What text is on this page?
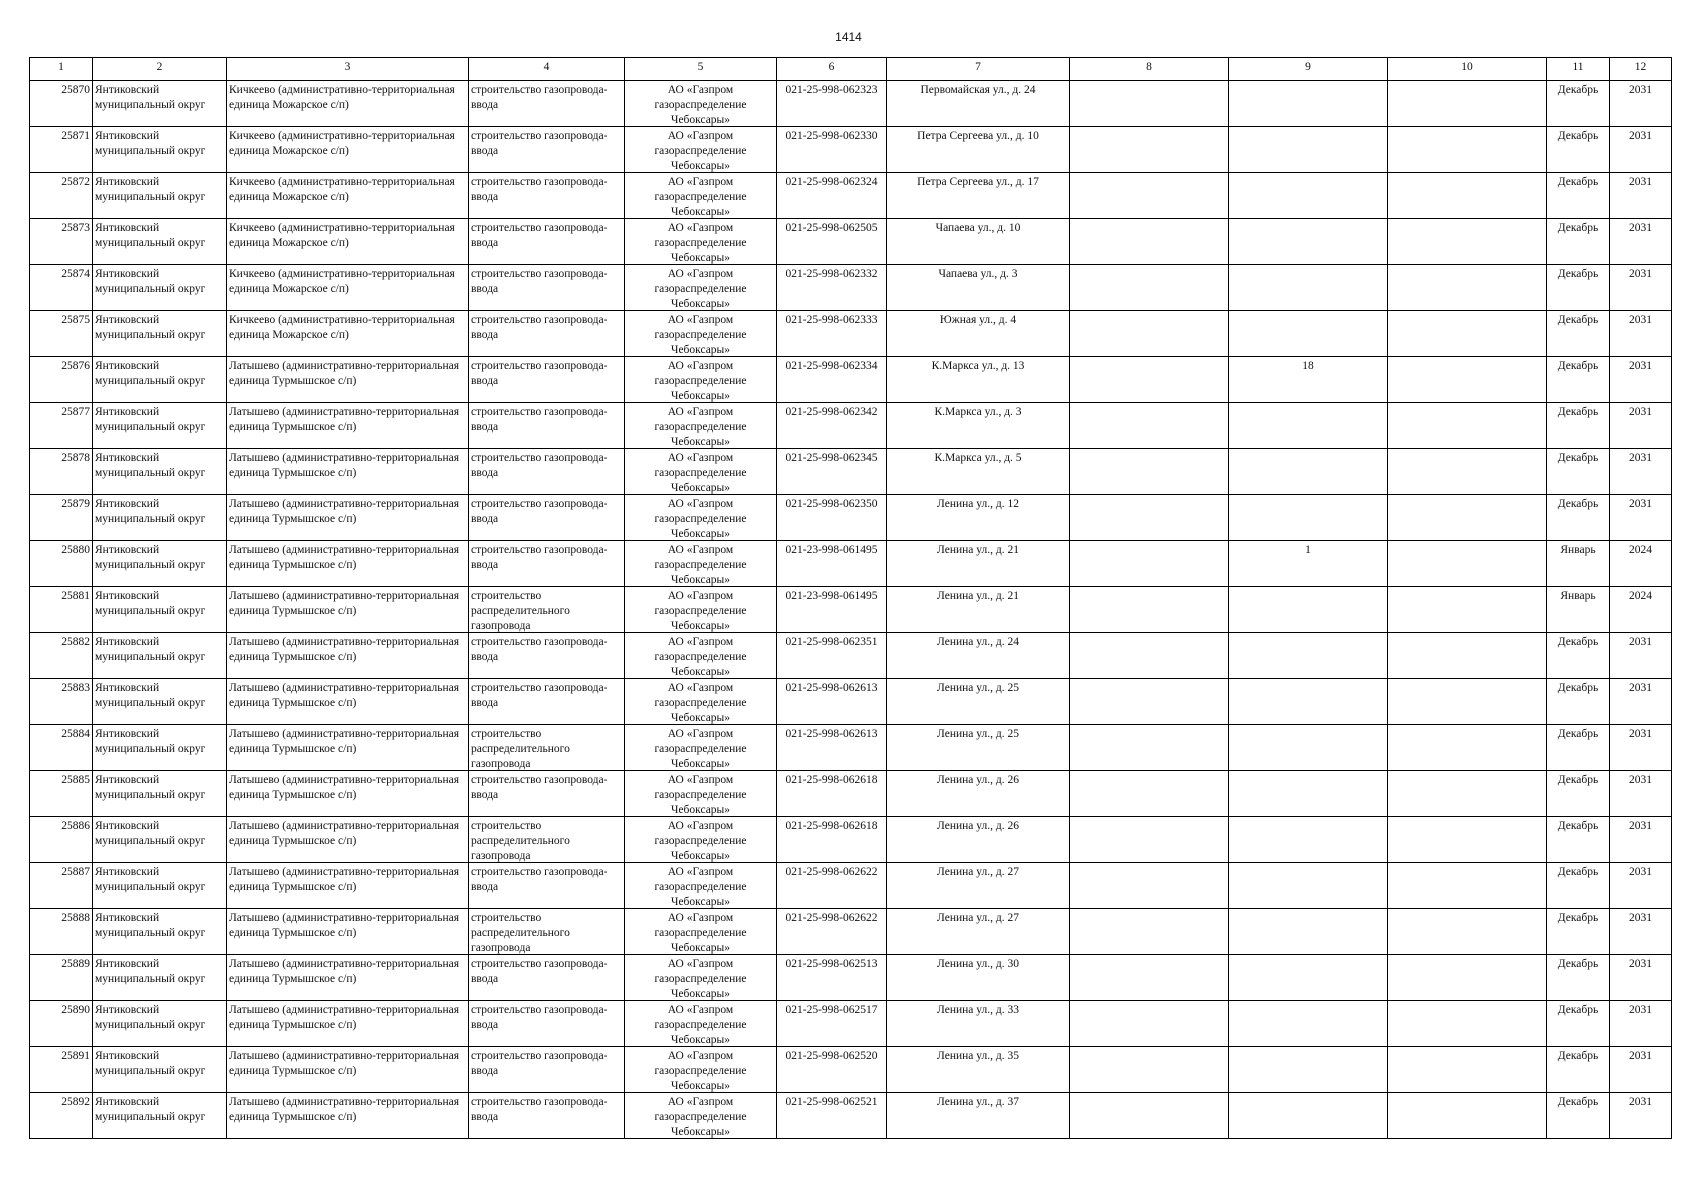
1414
1	2	3	4	5	6	7	8	9	10	11	12

25870	Янтиковский муниципальный округ	Кичкеево (административно-территориальная единица Можарское с/п)	строительство газопровода-ввода	АО «Газпром газораспределение Чебоксары»	021-25-998-062323	Первомайская ул., д. 24				Декабрь	2031

25871	Янтиковский муниципальный округ	Кичкеево (административно-территориальная единица Можарское с/п)	строительство газопровода-ввода	АО «Газпром газораспределение Чебоксары»	021-25-998-062330	Петра Сергеева ул., д. 10				Декабрь	2031

25872	Янтиковский муниципальный округ	Кичкеево (административно-территориальная единица Можарское с/п)	строительство газопровода-ввода	АО «Газпром газораспределение Чебоксары»	021-25-998-062324	Петра Сергеева ул., д. 17				Декабрь	2031

25873	Янтиковский муниципальный округ	Кичкеево (административно-территориальная единица Можарское с/п)	строительство газопровода-ввода	АО «Газпром газораспределение Чебоксары»	021-25-998-062505	Чапаева ул., д. 10				Декабрь	2031

25874	Янтиковский муниципальный округ	Кичкеево (административно-территориальная единица Можарское с/п)	строительство газопровода-ввода	АО «Газпром газораспределение Чебоксары»	021-25-998-062332	Чапаева ул., д. 3				Декабрь	2031

25875	Янтиковский муниципальный округ	Кичкеево (административно-территориальная единица Можарское с/п)	строительство газопровода-ввода	АО «Газпром газораспределение Чебоксары»	021-25-998-062333	Южная ул., д. 4				Декабрь	2031

25876	Янтиковский муниципальный округ	Латышево (административно-территориальная единица Турмышское с/п)	строительство газопровода-ввода	АО «Газпром газораспределение Чебоксары»	021-25-998-062334	К.Маркса ул., д. 13		18		Декабрь	2031

25877	Янтиковский муниципальный округ	Латышево (административно-территориальная единица Турмышское с/п)	строительство газопровода-ввода	АО «Газпром газораспределение Чебоксары»	021-25-998-062342	К.Маркса ул., д. 3				Декабрь	2031

25878	Янтиковский муниципальный округ	Латышево (административно-территориальная единица Турмышское с/п)	строительство газопровода-ввода	АО «Газпром газораспределение Чебоксары»	021-25-998-062345	К.Маркса ул., д. 5				Декабрь	2031

25879	Янтиковский муниципальный округ	Латышево (административно-территориальная единица Турмышское с/п)	строительство газопровода-ввода	АО «Газпром газораспределение Чебоксары»	021-25-998-062350	Ленина ул., д. 12				Декабрь	2031

25880	Янтиковский муниципальный округ	Латышево (административно-территориальная единица Турмышское с/п)	строительство газопровода-ввода	АО «Газпром газораспределение Чебоксары»	021-23-998-061495	Ленина ул., д. 21		1		Январь	2024

25881	Янтиковский муниципальный округ	Латышево (административно-территориальная единица Турмышское с/п)	строительство распределительного газопровода	АО «Газпром газораспределение Чебоксары»	021-23-998-061495	Ленина ул., д. 21				Январь	2024

25882	Янтиковский муниципальный округ	Латышево (административно-территориальная единица Турмышское с/п)	строительство газопровода-ввода	АО «Газпром газораспределение Чебоксары»	021-25-998-062351	Ленина ул., д. 24				Декабрь	2031

25883	Янтиковский муниципальный округ	Латышево (административно-территориальная единица Турмышское с/п)	строительство газопровода-ввода	АО «Газпром газораспределение Чебоксары»	021-25-998-062613	Ленина ул., д. 25				Декабрь	2031

25884	Янтиковский муниципальный округ	Латышево (административно-территориальная единица Турмышское с/п)	строительство распределительного газопровода	АО «Газпром газораспределение Чебоксары»	021-25-998-062613	Ленина ул., д. 25				Декабрь	2031

25885	Янтиковский муниципальный округ	Латышево (административно-территориальная единица Турмышское с/п)	строительство газопровода-ввода	АО «Газпром газораспределение Чебоксары»	021-25-998-062618	Ленина ул., д. 26				Декабрь	2031

25886	Янтиковский муниципальный округ	Латышево (административно-территориальная единица Турмышское с/п)	строительство распределительного газопровода	АО «Газпром газораспределение Чебоксары»	021-25-998-062618	Ленина ул., д. 26				Декабрь	2031

25887	Янтиковский муниципальный округ	Латышево (административно-территориальная единица Турмышское с/п)	строительство газопровода-ввода	АО «Газпром газораспределение Чебоксары»	021-25-998-062622	Ленина ул., д. 27				Декабрь	2031

25888	Янтиковский муниципальный округ	Латышево (административно-территориальная единица Турмышское с/п)	строительство распределительного газопровода	АО «Газпром газораспределение Чебоксары»	021-25-998-062622	Ленина ул., д. 27				Декабрь	2031

25889	Янтиковский муниципальный округ	Латышево (административно-территориальная единица Турмышское с/п)	строительство газопровода-ввода	АО «Газпром газораспределение Чебоксары»	021-25-998-062513	Ленина ул., д. 30				Декабрь	2031

25890	Янтиковский муниципальный округ	Латышево (административно-территориальная единица Турмышское с/п)	строительство газопровода-ввода	АО «Газпром газораспределение Чебоксары»	021-25-998-062517	Ленина ул., д. 33				Декабрь	2031

25891	Янтиковский муниципальный округ	Латышево (административно-территориальная единица Турмышское с/п)	строительство газопровода-ввода	АО «Газпром газораспределение Чебоксары»	021-25-998-062520	Ленина ул., д. 35				Декабрь	2031

25892	Янтиковский муниципальный округ	Латышево (административно-территориальная единица Турмышское с/п)	строительство газопровода-ввода	АО «Газпром газораспределение Чебоксары»	021-25-998-062521	Ленина ул., д. 37				Декабрь	2031
